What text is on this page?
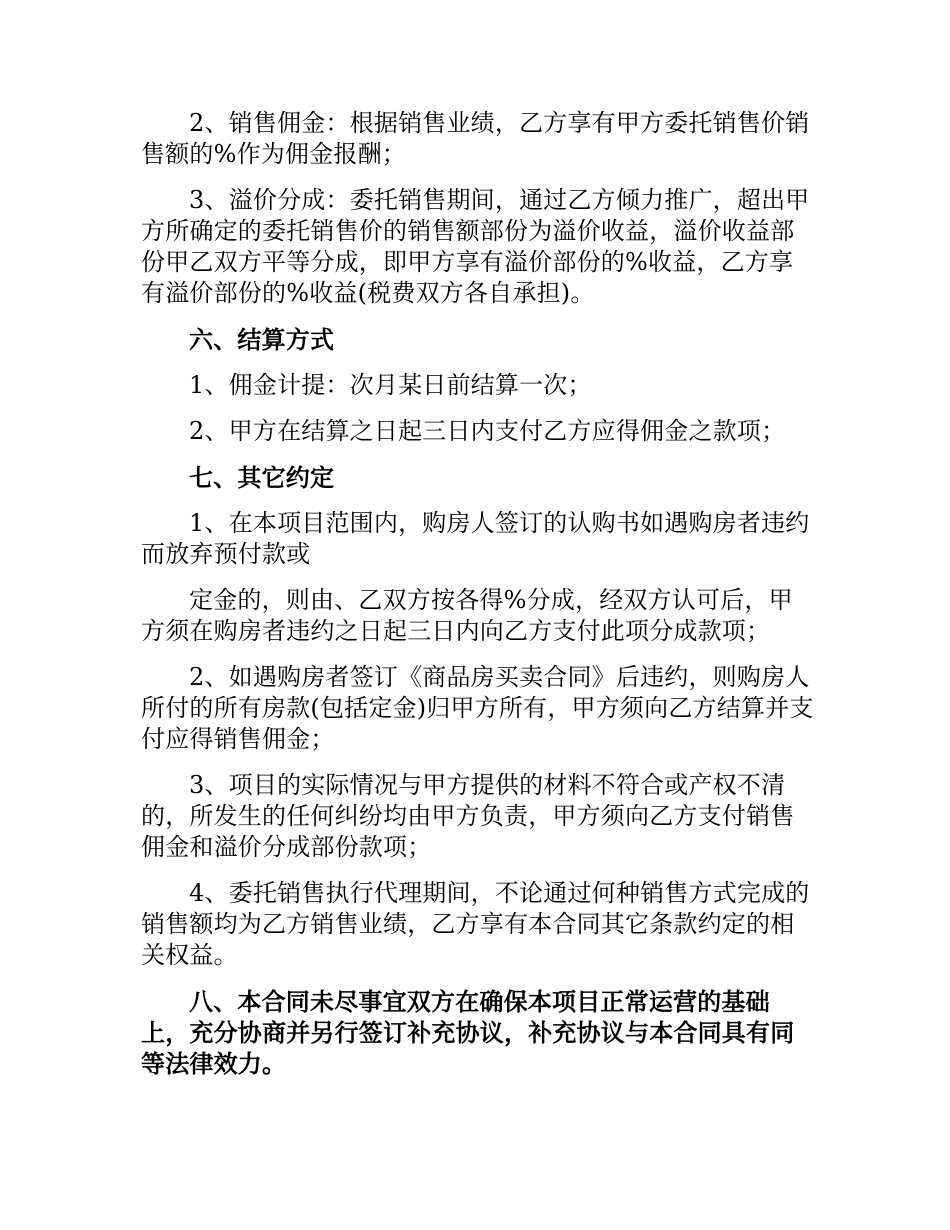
2、销售佣金：根据销售业绩，乙方享有甲方委托销售价销售额的%作为佣金报酬；

3、溢价分成：委托销售期间，通过乙方倾力推广，超出甲方所确定的委托销售价的销售额部份为溢价收益，溢价收益部份甲乙双方平等分成，即甲方享有溢价部份的%收益，乙方享有溢价部份的%收益(税费双方各自承担)。

六、结算方式

1、佣金计提：次月某日前结算一次；

2、甲方在结算之日起三日内支付乙方应得佣金之款项；

七、其它约定

1、在本项目范围内，购房人签订的认购书如遇购房者违约而放弃预付款或

定金的，则由、乙双方按各得%分成，经双方认可后，甲方须在购房者违约之日起三日内向乙方支付此项分成款项；

2、如遇购房者签订《商品房买卖合同》后违约，则购房人所付的所有房款(包括定金)归甲方所有，甲方须向乙方结算并支付应得销售佣金；

3、项目的实际情况与甲方提供的材料不符合或产权不清的，所发生的任何纠纷均由甲方负责，甲方须向乙方支付销售佣金和溢价分成部份款项；

4、委托销售执行代理期间，不论通过何种销售方式完成的销售额均为乙方销售业绩，乙方享有本合同其它条款约定的相关权益。

八、本合同未尽事宜双方在确保本项目正常运营的基础上，充分协商并另行签订补充协议，补充协议与本合同具有同等法律效力。
